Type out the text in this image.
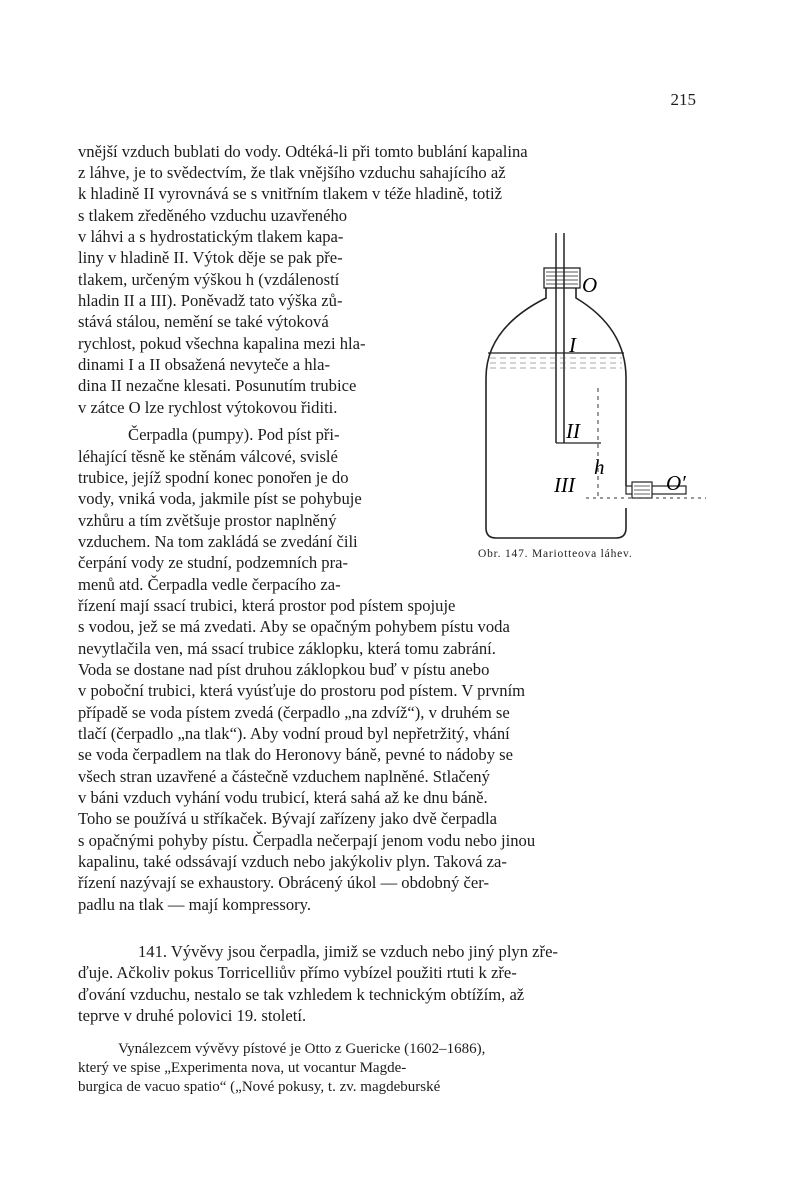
215
vnější vzduch bublati do vody. Odtéká-li při tomto bublání kapalina
z láhve, je to svědectvím, že tlak vnějšího vzduchu sahajícího až
k hladině II vyrovnává se s vnitřním tlakem v téže hladině, totiž
s tlakem zředěného vzduchu uzavřeného
v láhvi a s hydrostatickým tlakem kapa-
liny v hladině II. Výtok děje se pak pře-
tlakem, určeným výškou h (vzdáleností
hladin II a III). Poněvadž tato výška zů-
stává stálou, nemění se také výtoková
rychlost, pokud všechna kapalina mezi hla-
dinami I a II obsažená nevyteče a hla-
dina II nezačne klesati. Posunutím trubice
v zátce O lze rychlost výtokovou řiditi.
Čerpadla (pumpy). Pod píst při-
léhající těsně ke stěnám válcové, svislé
trubice, jejíž spodní konec ponořen je do
vody, vniká voda, jakmile píst se pohybuje
vzhůru a tím zvětšuje prostor naplněný
vzduchem. Na tom zakládá se zvedání čili
čerpání vody ze studní, podzemních pra-
menů atd. Čerpadla vedle čerpacího za-
řízení mají ssací trubici, která prostor pod pístem spojuje
s vodou, jež se má zvedati. Aby se opačným pohybem pístu voda
nevytlačila ven, má ssací trubice záklopku, která tomu zabrání.
Voda se dostane nad píst druhou záklopkou buď v pístu anebo
v poboční trubici, která vyúsťuje do prostoru pod pístem. V prvním
případě se voda pístem zvedá (čerpadlo „na zdvíž“), v druhém se
tlačí (čerpadlo „na tlak“). Aby vodní proud byl nepřetržitý, vhání
se voda čerpadlem na tlak do Heronovy báně, pevné to nádoby se
všech stran uzavřené a částečně vzduchem naplněné. Stlačený
v báni vzduch vyhání vodu trubicí, která sahá až ke dnu báně.
Toho se používá u stříkaček. Bývají zařízeny jako dvě čerpadla
s opačnými pohyby pístu. Čerpadla nečerpají jenom vodu nebo jinou
kapalinu, také odssávají vzduch nebo jakýkoliv plyn. Taková za-
řízení nazývají se exhaustory. Obrácený úkol — obdobný čer-
padlu na tlak — mají kompressory.
141. Vývěvy jsou čerpadla, jimiž se vzduch nebo jiný plyn zře-
ďuje. Ačkoliv pokus Torricelliův přímo vybízel použiti rtuti k zře-
ďování vzduchu, nestalo se tak vzhledem k technickým obtížím, až
teprve v druhé polovici 19. století.
Vynálezcem vývěvy pístové je Otto z Guericke (1602–1686),
který ve spise „Experimenta nova, ut vocantur Magde-
burgica de vacuo spatio“ („Nové pokusy, t. zv. magdeburské
O
I
II
h
III	O′
Obr. 147. Mariotteova láhev.
